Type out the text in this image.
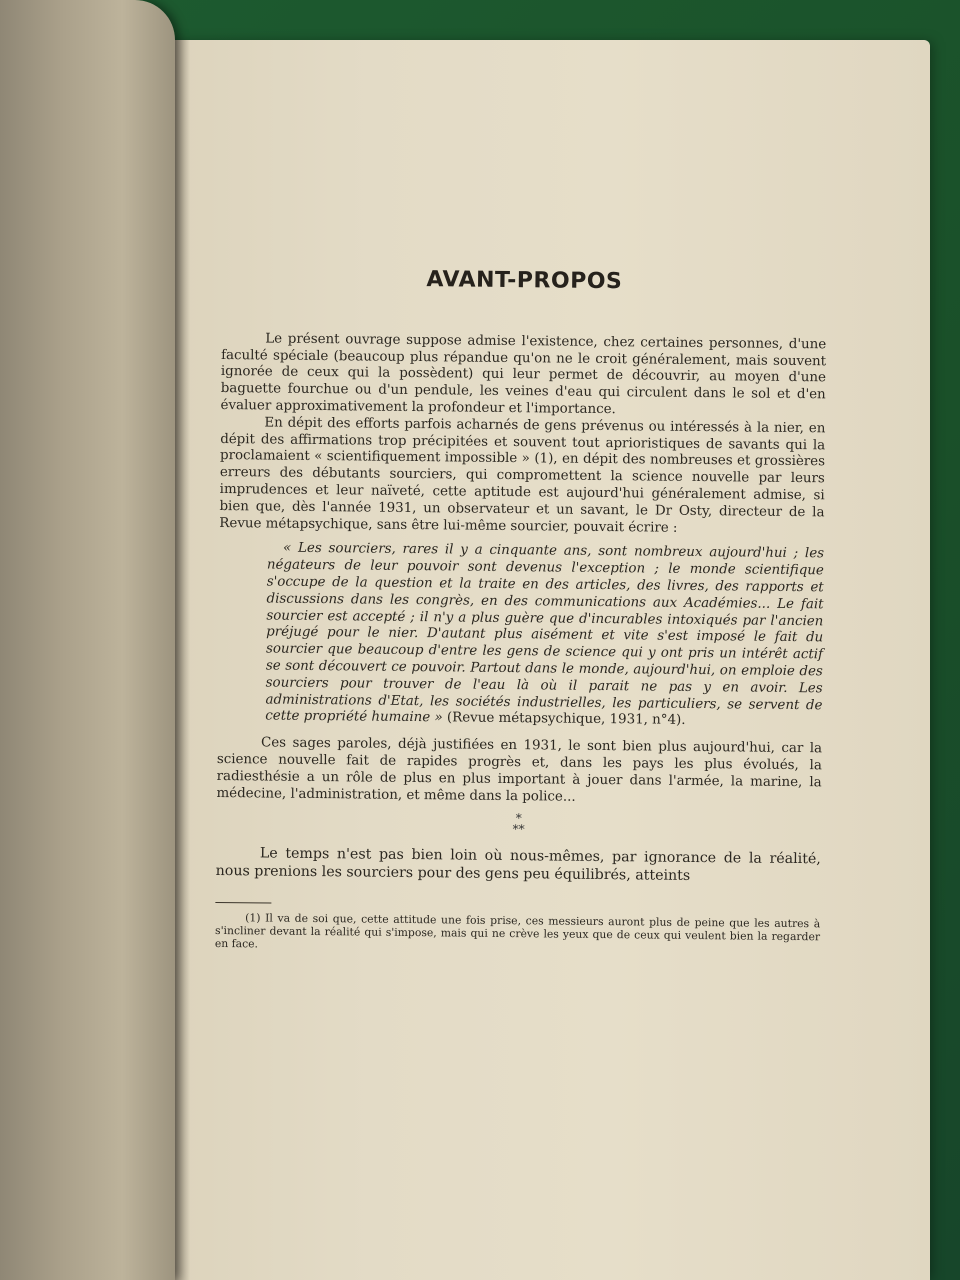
AVANT-PROPOS

Le présent ouvrage suppose admise l'existence, chez certaines personnes, d'une faculté spéciale (beaucoup plus répandue qu'on ne le croit généralement, mais souvent ignorée de ceux qui la possèdent) qui leur permet de découvrir, au moyen d'une baguette fourchue ou d'un pendule, les veines d'eau qui circulent dans le sol et d'en évaluer approximativement la profondeur et l'importance.

En dépit des efforts parfois acharnés de gens prévenus ou intéressés à la nier, en dépit des affirmations trop précipitées et souvent tout aprioristiques de savants qui la proclamaient « scientifiquement impossible » (1), en dépit des nombreuses et grossières erreurs des débutants sourciers, qui compromettent la science nouvelle par leurs imprudences et leur naïveté, cette aptitude est aujourd'hui généralement admise, si bien que, dès l'année 1931, un observateur et un savant, le Dr Osty, directeur de la Revue métapsychique, sans être lui-même sourcier, pouvait écrire :

« Les sourciers, rares il y a cinquante ans, sont nombreux aujourd'hui ; les négateurs de leur pouvoir sont devenus l'exception ; le monde scientifique s'occupe de la question et la traite en des articles, des livres, des rapports et discussions dans les congrès, en des communications aux Académies... Le fait sourcier est accepté ; il n'y a plus guère que d'incurables intoxiqués par l'ancien préjugé pour le nier. D'autant plus aisément et vite s'est imposé le fait du sourcier que beaucoup d'entre les gens de science qui y ont pris un intérêt actif se sont découvert ce pouvoir. Partout dans le monde, aujourd'hui, on emploie des sourciers pour trouver de l'eau là où il parait ne pas y en avoir. Les administrations d'Etat, les sociétés industrielles, les particuliers, se servent de cette propriété humaine » (Revue métapsychique, 1931, n°4).

Ces sages paroles, déjà justifiées en 1931, le sont bien plus aujourd'hui, car la science nouvelle fait de rapides progrès et, dans les pays les plus évolués, la radiesthésie a un rôle de plus en plus important à jouer dans l'armée, la marine, la médecine, l'administration, et même dans la police...

*
**

Le temps n'est pas bien loin où nous-mêmes, par ignorance de la réalité, nous prenions les sourciers pour des gens peu équilibrés, atteints

(1) Il va de soi que, cette attitude une fois prise, ces messieurs auront plus de peine que les autres à s'incliner devant la réalité qui s'impose, mais qui ne crève les yeux que de ceux qui veulent bien la regarder en face.
